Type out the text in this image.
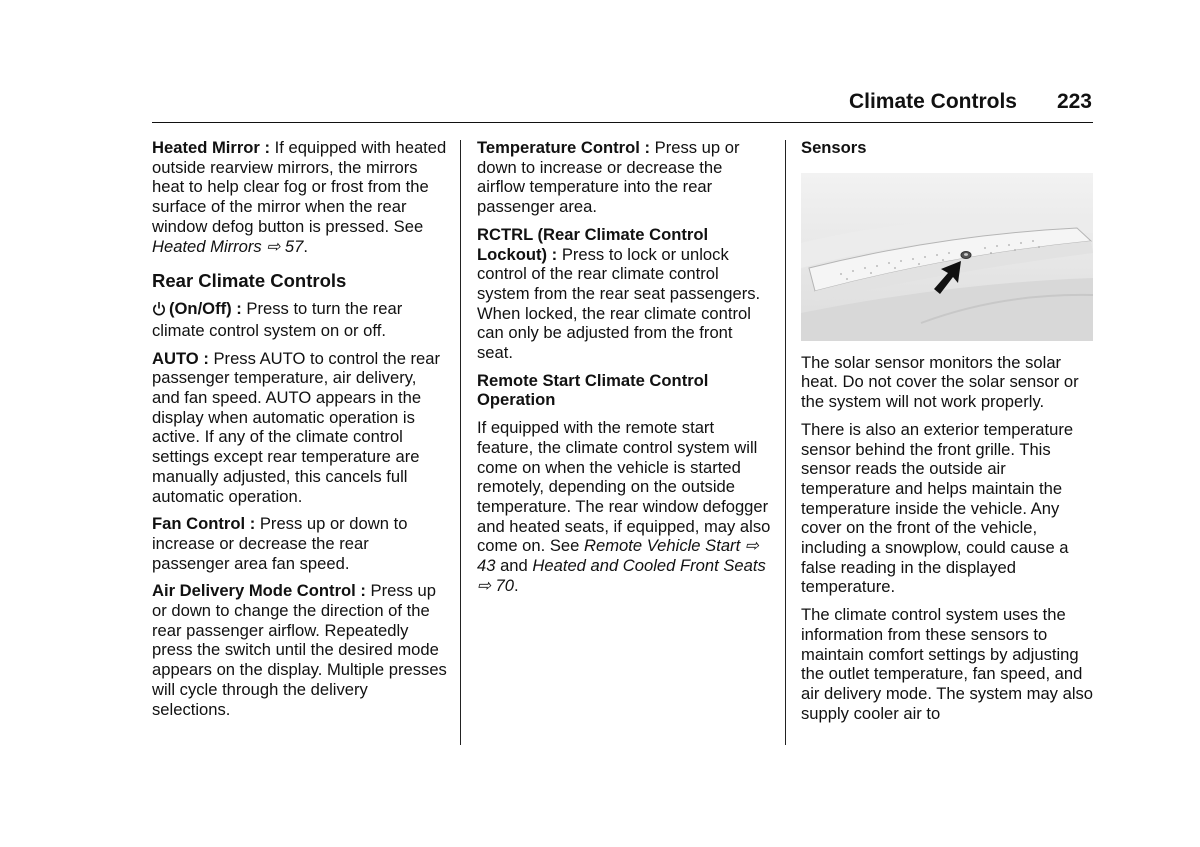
Climate Controls 223

Heated Mirror : If equipped with heated outside rearview mirrors, the mirrors heat to help clear fog or frost from the surface of the mirror when the rear window defog button is pressed. See Heated Mirrors ⇨ 57.

Rear Climate Controls

(On/Off) : Press to turn the rear climate control system on or off.

AUTO : Press AUTO to control the rear passenger temperature, air delivery, and fan speed. AUTO appears in the display when automatic operation is active. If any of the climate control settings except rear temperature are manually adjusted, this cancels full automatic operation.

Fan Control : Press up or down to increase or decrease the rear passenger area fan speed.

Air Delivery Mode Control : Press up or down to change the direction of the rear passenger airflow. Repeatedly press the switch until the desired mode appears on the display. Multiple presses will cycle through the delivery selections.

Temperature Control : Press up or down to increase or decrease the airflow temperature into the rear passenger area.

RCTRL (Rear Climate Control Lockout) : Press to lock or unlock control of the rear climate control system from the rear seat passengers. When locked, the rear climate control can only be adjusted from the front seat.

Remote Start Climate Control Operation

If equipped with the remote start feature, the climate control system will come on when the vehicle is started remotely, depending on the outside temperature. The rear window defogger and heated seats, if equipped, may also come on. See Remote Vehicle Start ⇨ 43 and Heated and Cooled Front Seats
⇨ 70.

Sensors

The solar sensor monitors the solar heat. Do not cover the solar sensor or the system will not work properly.

There is also an exterior temperature sensor behind the front grille. This sensor reads the outside air temperature and helps maintain the temperature inside the vehicle. Any cover on the front of the vehicle, including a snowplow, could cause a false reading in the displayed temperature.

The climate control system uses the information from these sensors to maintain comfort settings by adjusting the outlet temperature, fan speed, and air delivery mode. The system may also supply cooler air to
